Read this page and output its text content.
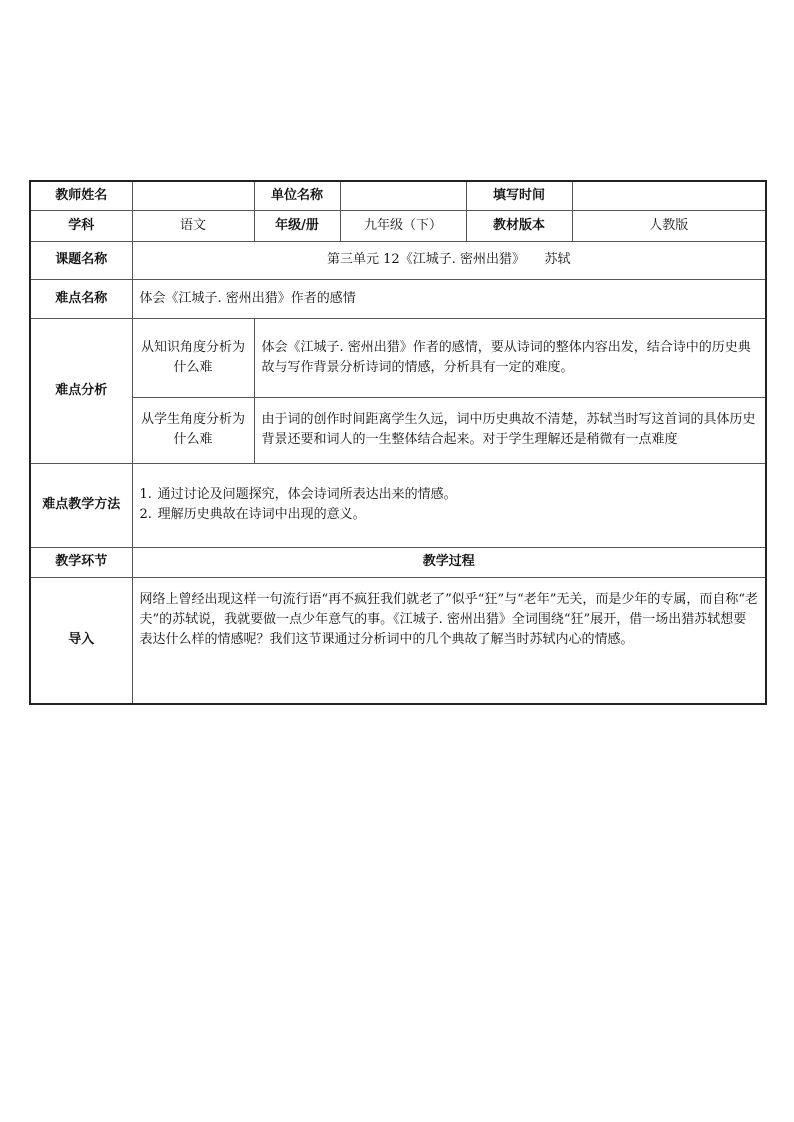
教师姓名		单位名称		填写时间	
学科	语文	年级/册	九年级（下）	教材版本	人教版
课题名称	第三单元 12《江城子. 密州出猎》　　苏轼				
难点名称	体会《江城子. 密州出猎》作者的感情				
难点分析	从知识角度分析为什么难	体会《江城子. 密州出猎》作者的感情，要从诗词的整体内容出发，结合诗中的历史典故与写作背景分析诗词的情感，分析具有一定的难度。			
	从学生角度分析为什么难	由于词的创作时间距离学生久远，词中历史典故不清楚，苏轼当时写这首词的具体历史背景还要和词人的一生整体结合起来。对于学生理解还是稍微有一点难度			
难点教学方法	1. 通过讨论及问题探究，体会诗词所表达出来的情感。
2. 理解历史典故在诗词中出现的意义。				

教学环节	教学过程				
导入	网络上曾经出现这样一句流行语“再不疯狂我们就老了”似乎“狂”与“老年”无关，而是少年的专属，而自称“老夫”的苏轼说，我就要做一点少年意气的事。《江城子. 密州出猎》全词围绕“狂”展开，借一场出猎苏轼想要表达什么样的情感呢？我们这节课通过分析词中的几个典故了解当时苏轼内心的情感。				
